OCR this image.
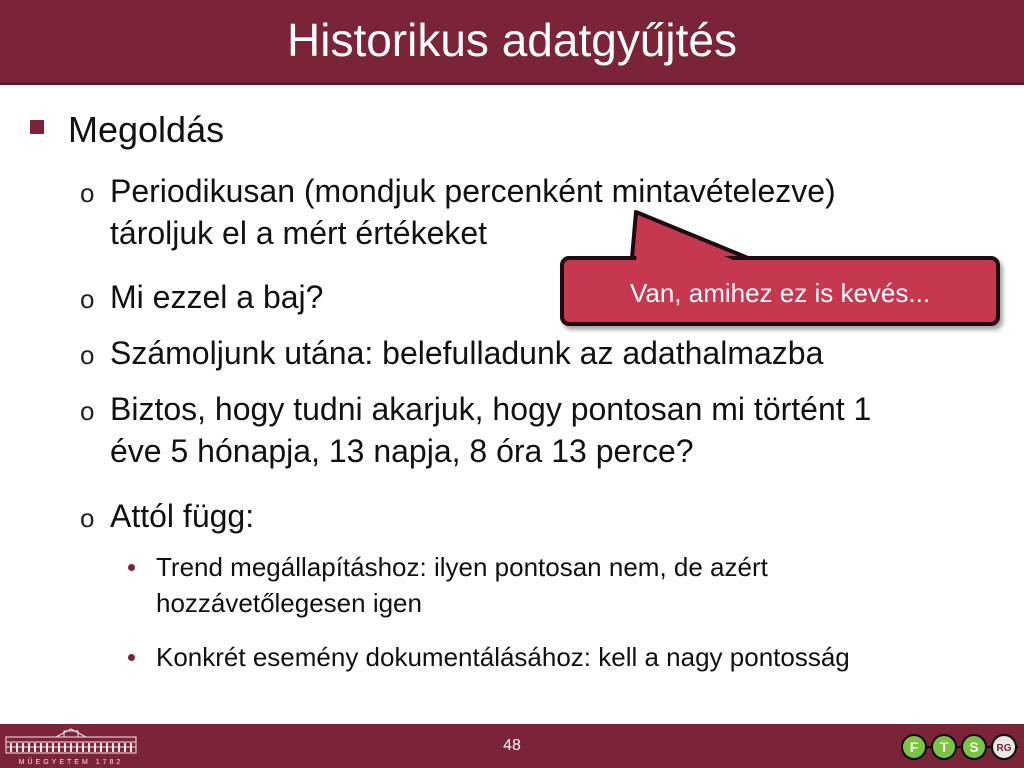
Historikus adatgyűjtés
Megoldás
o Periodikusan (mondjuk percenként mintavételezve)
tároljuk el a mért értékeket
o Mi ezzel a baj?
o Számoljunk utána: belefulladunk az adathalmazba
o Biztos, hogy tudni akarjuk, hogy pontosan mi történt 1
éve 5 hónapja, 13 napja, 8 óra 13 perce?
o Attól függ:
Trend megállapításhoz: ilyen pontosan nem, de azért
hozzávetőlegesen igen
Konkrét esemény dokumentálásához: kell a nagy pontosság
Van, amihez ez is kevés...
48
MŰEGYETEM 1782
F T S RG
